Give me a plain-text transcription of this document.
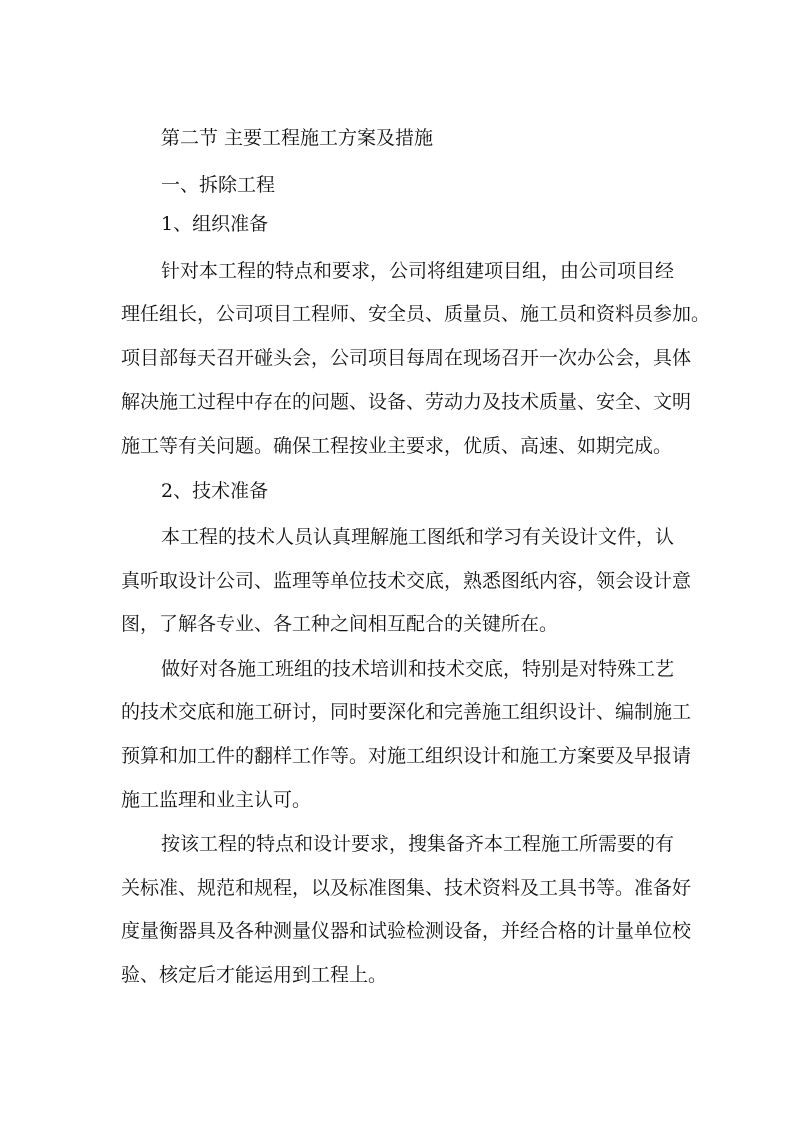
第二节 主要工程施工方案及措施
一、拆除工程
1、组织准备
针对本工程的特点和要求，公司将组建项目组，由公司项目经
理任组长，公司项目工程师、安全员、质量员、施工员和资料员参加。
项目部每天召开碰头会，公司项目每周在现场召开一次办公会，具体
解决施工过程中存在的问题、设备、劳动力及技术质量、安全、文明
施工等有关问题。确保工程按业主要求，优质、高速、如期完成。
2、技术准备
本工程的技术人员认真理解施工图纸和学习有关设计文件，认
真听取设计公司、监理等单位技术交底，熟悉图纸内容，领会设计意
图，了解各专业、各工种之间相互配合的关键所在。
做好对各施工班组的技术培训和技术交底，特别是对特殊工艺
的技术交底和施工研讨，同时要深化和完善施工组织设计、编制施工
预算和加工件的翻样工作等。对施工组织设计和施工方案要及早报请
施工监理和业主认可。
按该工程的特点和设计要求，搜集备齐本工程施工所需要的有
关标准、规范和规程，以及标准图集、技术资料及工具书等。准备好
度量衡器具及各种测量仪器和试验检测设备，并经合格的计量单位校
验、核定后才能运用到工程上。
